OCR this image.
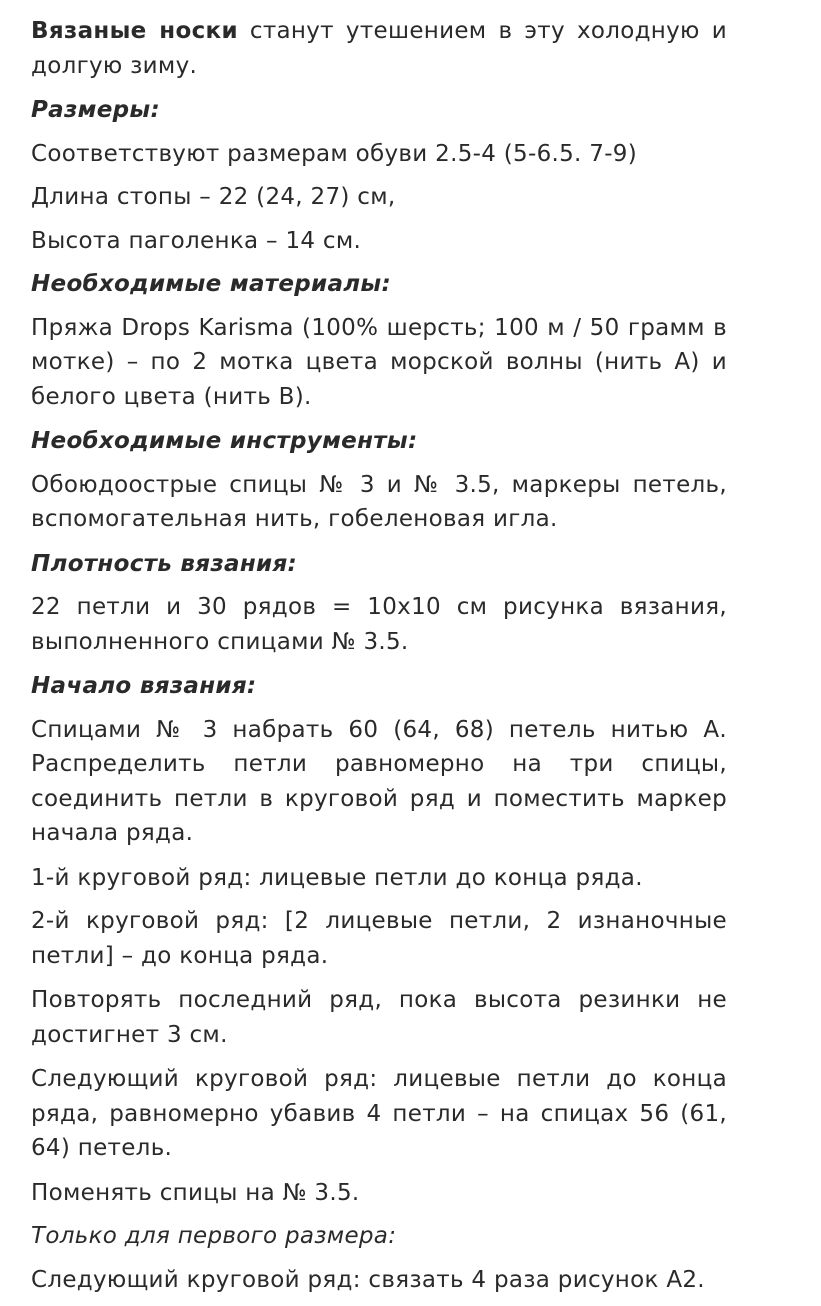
Вязаные носки станут утешением в эту холодную и долгую зиму.

Размеры:

Соответствуют размерам обуви 2.5-4 (5-6.5. 7-9)

Длина стопы – 22 (24, 27) см,

Высота паголенка – 14 см.

Необходимые материалы:

Пряжа Drops Karisma (100% шерсть; 100 м / 50 грамм в мотке) – по 2 мотка цвета морской волны (нить А) и белого цвета (нить В).

Необходимые инструменты:

Обоюдоострые спицы № 3 и № 3.5, маркеры петель, вспомогательная нить, гобеленовая игла.

Плотность вязания:

22 петли и 30 рядов = 10х10 см рисунка вязания, выполненного спицами № 3.5.

Начало вязания:

Спицами № 3 набрать 60 (64, 68) петель нитью А. Распределить петли равномерно на три спицы, соединить петли в круговой ряд и поместить маркер начала ряда.

1-й круговой ряд: лицевые петли до конца ряда.

2-й круговой ряд: [2 лицевые петли, 2 изнаночные петли] – до конца ряда.

Повторять последний ряд, пока высота резинки не достигнет 3 см.

Следующий круговой ряд: лицевые петли до конца ряда, равномерно убавив 4 петли – на спицах 56 (61, 64) петель.

Поменять спицы на № 3.5.

Только для первого размера:

Следующий круговой ряд: связать 4 раза рисунок А2.
